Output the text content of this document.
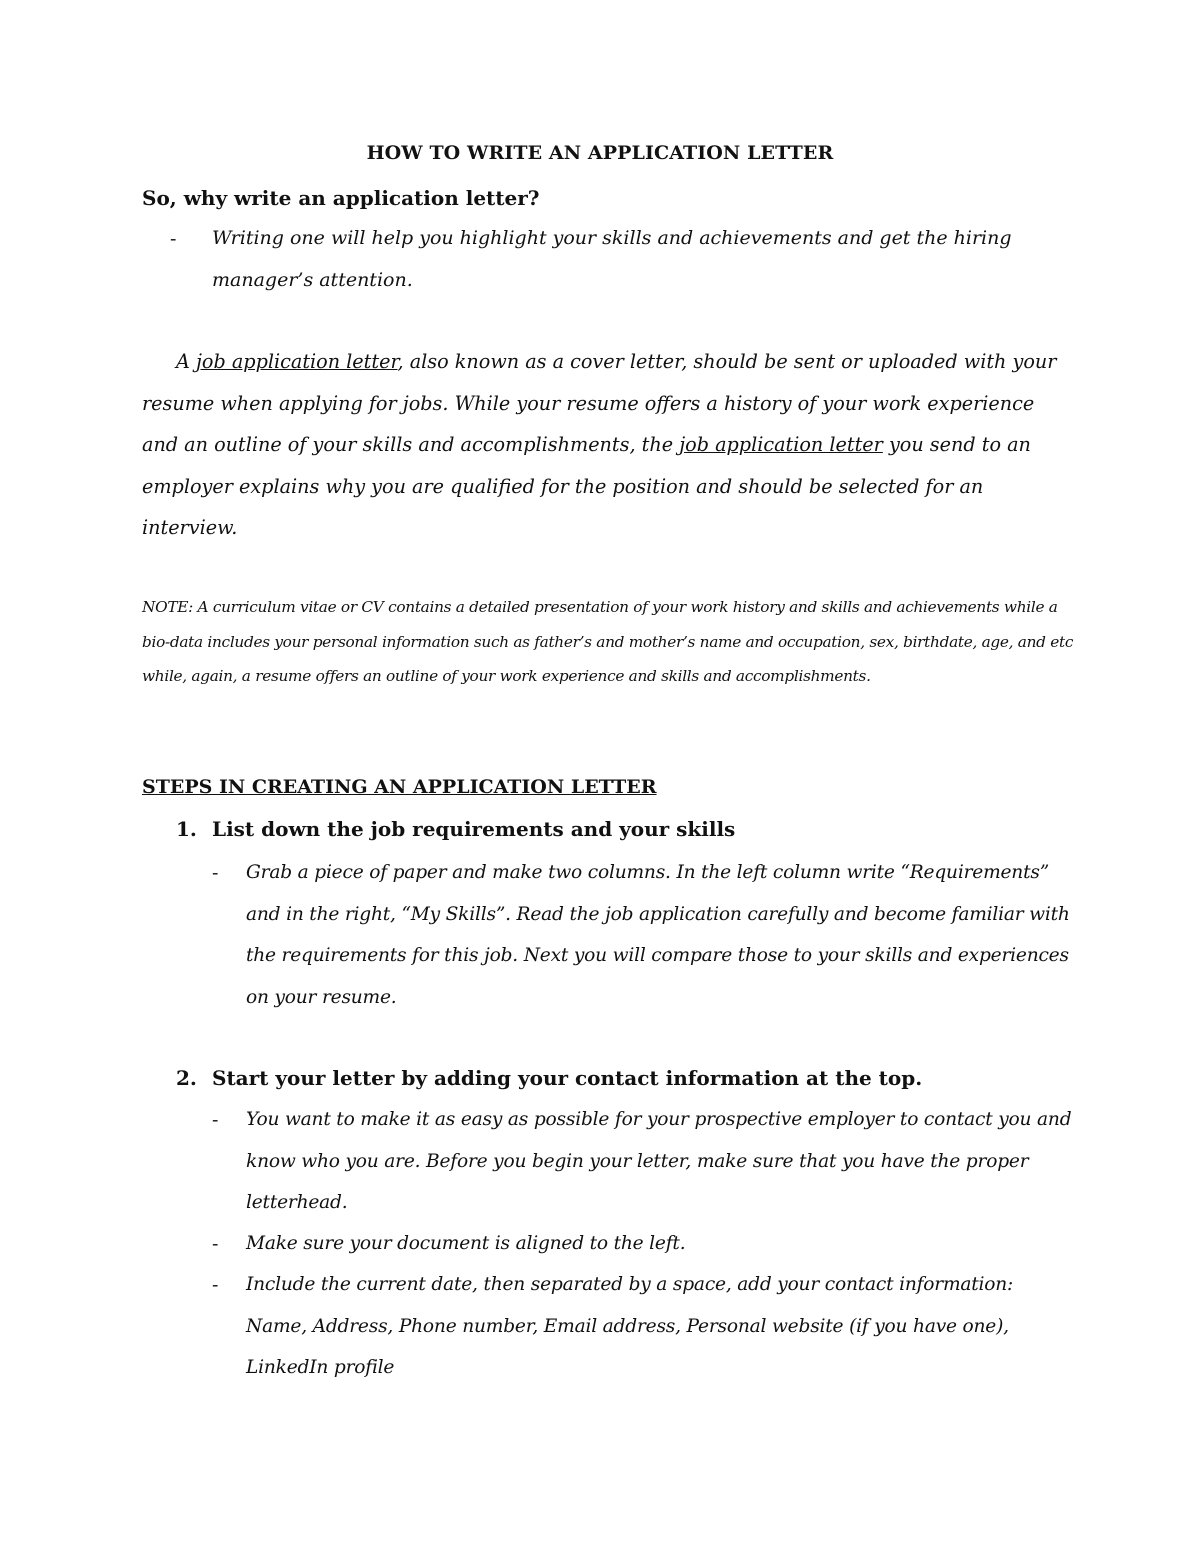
HOW TO WRITE AN APPLICATION LETTER
So, why write an application letter?
- Writing one will help you highlight your skills and achievements and get the hiring manager’s attention.
A job application letter, also known as a cover letter, should be sent or uploaded with your resume when applying for jobs. While your resume offers a history of your work experience and an outline of your skills and accomplishments, the job application letter you send to an employer explains why you are qualified for the position and should be selected for an interview.
NOTE: A curriculum vitae or CV contains a detailed presentation of your work history and skills and achievements while a bio-data includes your personal information such as father’s and mother’s name and occupation, sex, birthdate, age, and etc while, again, a resume offers an outline of your work experience and skills and accomplishments.
STEPS IN CREATING AN APPLICATION LETTER
1. List down the job requirements and your skills
- Grab a piece of paper and make two columns. In the left column write “Requirements” and in the right, “My Skills”. Read the job application carefully and become familiar with the requirements for this job. Next you will compare those to your skills and experiences on your resume.
2. Start your letter by adding your contact information at the top.
- You want to make it as easy as possible for your prospective employer to contact you and know who you are. Before you begin your letter, make sure that you have the proper letterhead.
- Make sure your document is aligned to the left.
- Include the current date, then separated by a space, add your contact information: Name, Address, Phone number, Email address, Personal website (if you have one), LinkedIn profile
